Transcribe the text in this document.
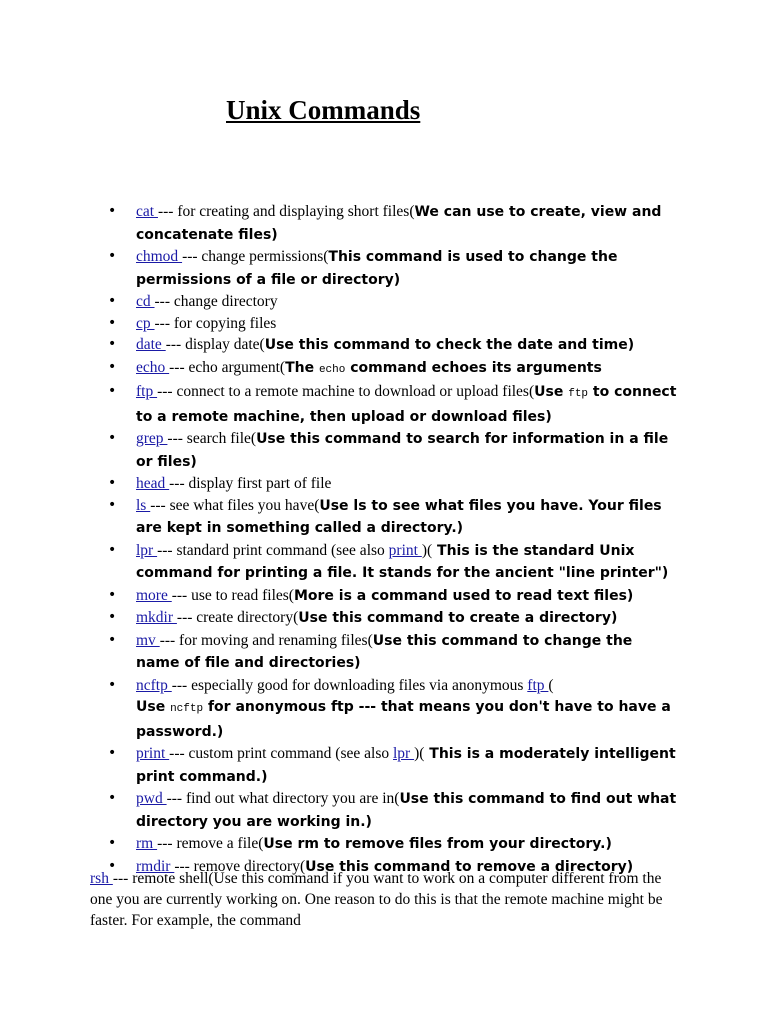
Unix Commands
• cat --- for creating and displaying short files(We can use to create, view and concatenate files)
• chmod --- change permissions(This command is used to change the permissions of a file or directory)
• cd --- change directory
• cp --- for copying files
• date --- display date(Use this command to check the date and time)
• echo --- echo argument(The echo command echoes its arguments
• ftp --- connect to a remote machine to download or upload files(Use ftp to connect to a remote machine, then upload or download files)
• grep --- search file(Use this command to search for information in a file or files)
• head --- display first part of file
• ls --- see what files you have(Use ls to see what files you have. Your files are kept in something called a directory.)
• lpr --- standard print command (see also print )( This is the standard Unix command for printing a file. It stands for the ancient "line printer")
• more --- use to read files(More is a command used to read text files)
• mkdir --- create directory(Use this command to create a directory)
• mv --- for moving and renaming files(Use this command to change the name of file and directories)
• ncftp --- especially good for downloading files via anonymous ftp (
Use ncftp for anonymous ftp --- that means you don't have to have a password.)
• print --- custom print command (see also lpr )( This is a moderately intelligent print command.)
• pwd --- find out what directory you are in(Use this command to find out what directory you are working in.)
• rm --- remove a file(Use rm to remove files from your directory.)
• rmdir --- remove directory(Use this command to remove a directory)

rsh --- remote shell(Use this command if you want to work on a computer different from the one you are currently working on. One reason to do this is that the remote machine might be faster. For example, the command
